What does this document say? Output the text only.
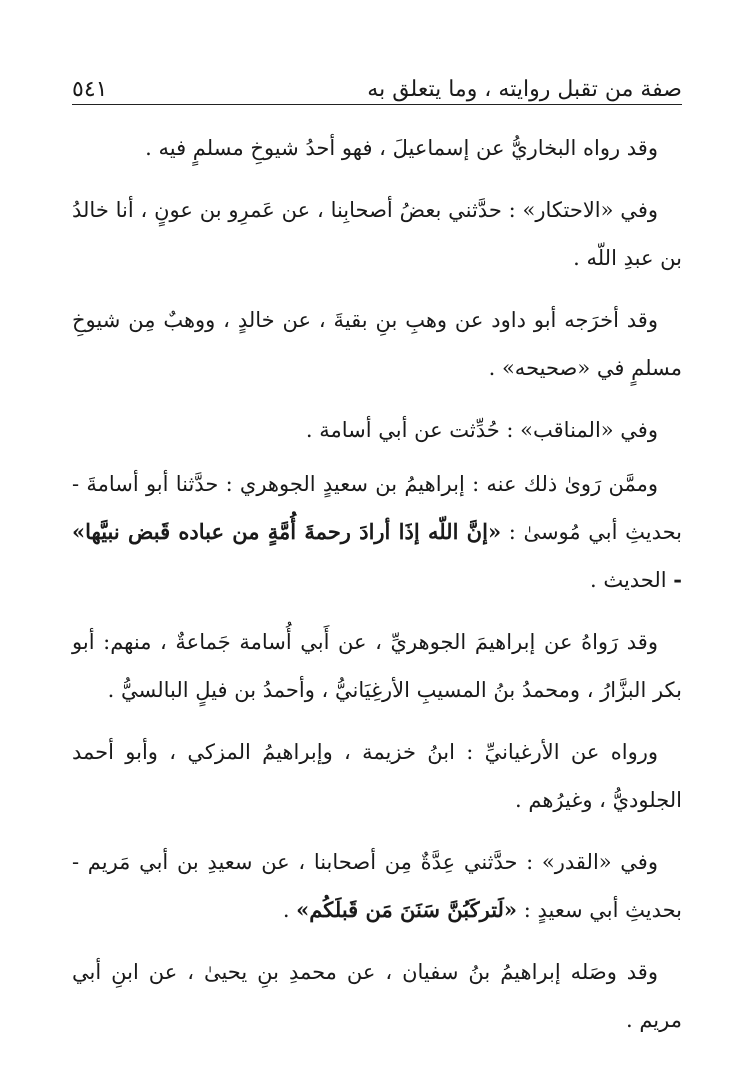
صفة من تقبل روايته ، وما يتعلق به
٥٤١

وقد رواه البخاريُّ عن إسماعيلَ ، فهو أحدُ شيوخِ مسلمٍ فيه .

وفي «الاحتكار» : حدَّثني بعضُ أصحابِنا ، عن عَمرِو بن عونٍ ، أنا خالدُ بن عبدِ اللّه .

وقد أخرَجه أبو داود عن وهبِ بنِ بقيةَ ، عن خالدٍ ، ووهبٌ مِن شيوخِ مسلمٍ في «صحيحه» .

وفي «المناقب» : حُدِّثت عن أبي أسامة .

وممَّن رَوىٰ ذلك عنه : إبراهيمُ بن سعيدٍ الجوهري : حدَّثنا أبو أسامةَ - بحديثِ أبي مُوسىٰ : «إنَّ اللّه إذَا أرادَ رحمةَ أُمَّةٍ من عباده قَبض نبيَّها» - الحديث .

وقد رَواهُ عن إبراهيمَ الجوهريِّ ، عن أَبي أُسامة جَماعةٌ ، منهم: أبو بكر البزَّارُ ، ومحمدُ بنُ المسيبِ الأرغِيَانيُّ ، وأحمدُ بن فيلٍ البالسيُّ .

ورواه عن الأرغيانيِّ : ابنُ خزيمة ، وإبراهيمُ المزكي ، وأبو أحمد الجلوديُّ ، وغيرُهم .

وفي «القدر» : حدَّثني عِدَّةٌ مِن أصحابنا ، عن سعيدِ بن أبي مَريم - بحديثِ أبي سعيدٍ : «لَتركَبُنَّ سَنَنَ مَن قَبلَكُم» .

وقد وصَله إبراهيمُ بنُ سفيان ، عن محمدِ بنِ يحيىٰ ، عن ابنِ أبي مريم .
